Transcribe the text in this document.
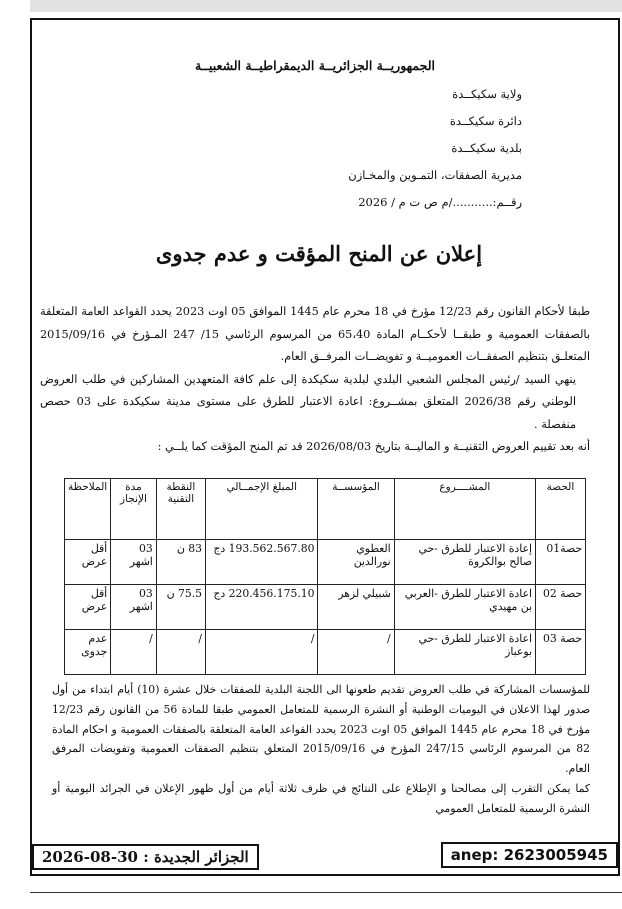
الجمهوريــة الجزائريــة الديمقراطيــة الشعبيــة
ولاية سكيكــدة
دائرة سكيكــدة
بلدية سكيكــدة
مديرية الصفقات، التمـوين والمخـازن
رقــم:.........../م ص ت م / 2026
إعلان عن المنح المؤقت و عدم جدوى

طبقا لأحكام القانون رقم 12/23 مؤرخ في 18 محرم عام 1445 الموافق 05 اوت 2023 يحدد القواعد العامة المتعلقة بالصفقات العمومية و طبقــا لأحكــام المادة 65،40 من المرسوم الرئاسي 15/ 247 المـؤرخ في 2015/09/16 المتعلـق بتنظيم الصفقــات العموميــة و تفويضــات المرفــق العام.

ينهي السيد /رئيس المجلس الشعبي البلدي لبلدية سكيكدة إلى علم كافة المتعهدين المشاركين في طلب العروض الوطني رقم 2026/38 المتعلق بمشــروع: اعادة الاعتبار للطرق على مستوى مدينة سكيكدة على 03 حصص منفصلة .

أنه بعد تقييم العروض التقنيــة و الماليــة بتاريخ 2026/08/03 قد تم المنح المؤقت كما يلــي :

الحصة	المشــــروع	المؤسســة	المبلغ الإجمــالي	النقطة التقنية	مدة الإنجاز	الملاحظة
حصة01	إعادة الاعتبار للطرق -حي صالح بوالكروة	العطوي نورالدين	193.562.567.80 دج	83 ن	03 اشهر	أقل عرض
حصة 02	اعادة الاعتبار للطرق -العربي بن مهيدي	شبيلي لزهر	220.456.175.10 دج	75.5 ن	03 اشهر	أقل عرض
حصة 03	اعادة الاعتبار للطرق -حي بوعباز	/	/	/	/	عدم جدوى

للمؤسسات المشاركة في طلب العروض تقديم طعونها الى اللجنة البلدية للصفقات خلال عشرة (10) أيام ابتداء من أول صدور لهذا الاعلان في اليوميات الوطنية أو النشرة الرسمية للمتعامل العمومي طبقا للمادة 56 من القانون رقم 12/23 مؤرخ في 18 محرم عام 1445 الموافق 05 اوت 2023 يحدد القواعد العامة المتعلقة بالصفقات العمومية و احكام المادة 82 من المرسوم الرئاسي 247/15 المؤرخ في 2015/09/16 المتعلق بتنظيم الصفقات العمومية وتفويضات المرفق العام.

كما يمكن التقرب إلى مصالحنا و الإطلاع على النتائج في ظرف ثلاثة أيام من أول ظهور الإعلان في الجرائد اليومية أو النشرة الرسمية للمتعامل العمومي

anep: 2623005945
الجزائر الجديدة : 30-08-2026
